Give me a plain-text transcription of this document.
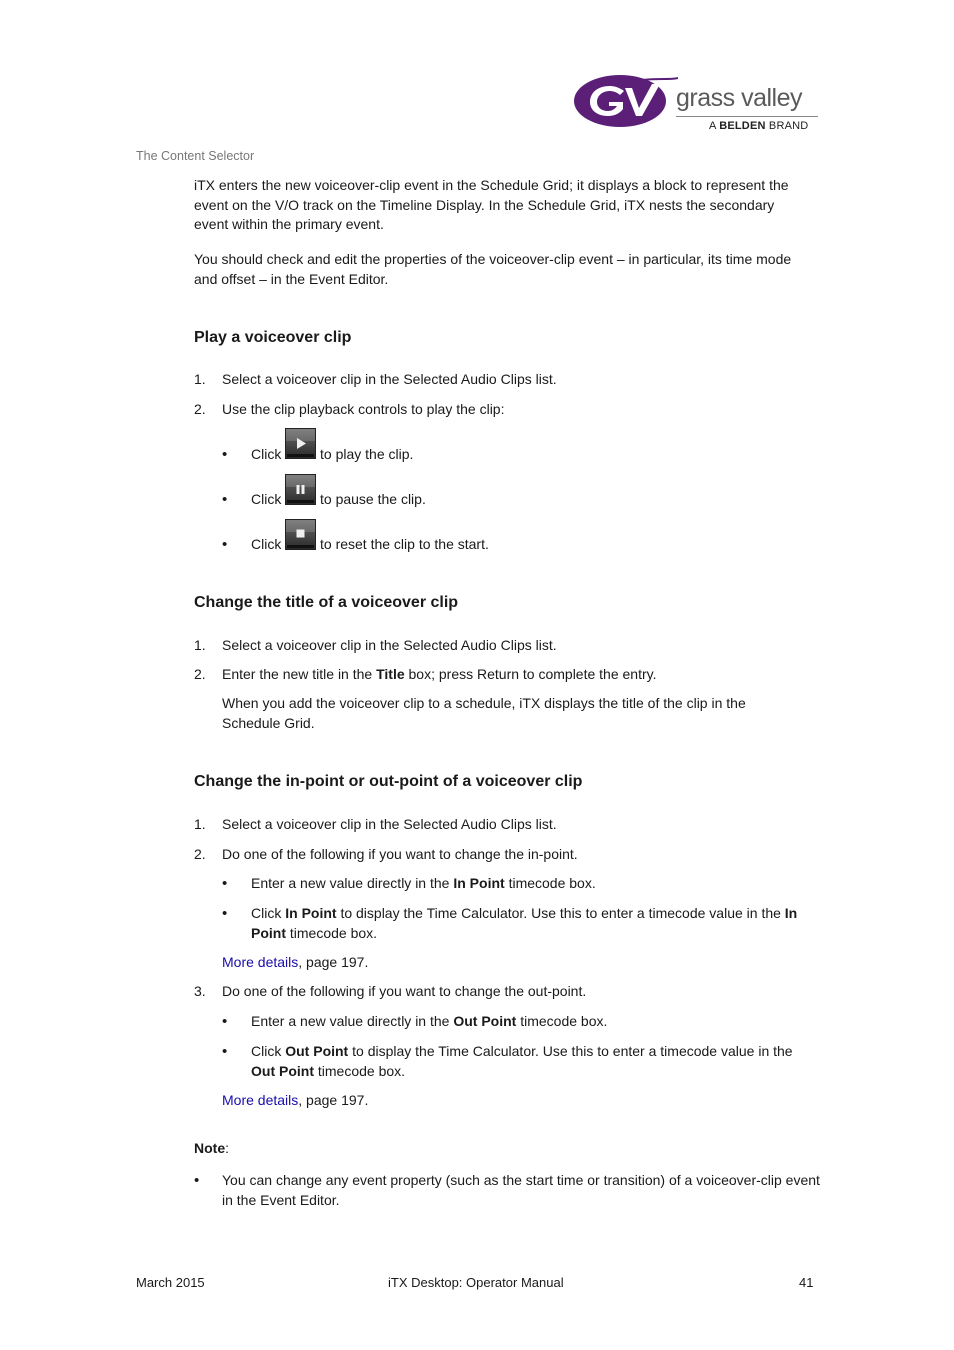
grass valley
A BELDEN BRAND
The Content Selector
iTX enters the new voiceover-clip event in the Schedule Grid; it displays a block to represent the event on the V/O track on the Timeline Display. In the Schedule Grid, iTX nests the secondary event within the primary event.
You should check and edit the properties of the voiceover-clip event – in particular, its time mode and offset – in the Event Editor.
Play a voiceover clip
1. Select a voiceover clip in the Selected Audio Clips list.
2. Use the clip playback controls to play the clip:
• Click	to play the clip.
• Click	to pause the clip.
• Click	to reset the clip to the start.
Change the title of a voiceover clip
1. Select a voiceover clip in the Selected Audio Clips list.
2. Enter the new title in the Title box; press Return to complete the entry.
When you add the voiceover clip to a schedule, iTX displays the title of the clip in the Schedule Grid.
Change the in-point or out-point of a voiceover clip
1. Select a voiceover clip in the Selected Audio Clips list.
2. Do one of the following if you want to change the in-point.
• Enter a new value directly in the In Point timecode box.
• Click In Point to display the Time Calculator. Use this to enter a timecode value in the In Point timecode box.
More details, page 197.
3. Do one of the following if you want to change the out-point.
• Enter a new value directly in the Out Point timecode box.
• Click Out Point to display the Time Calculator. Use this to enter a timecode value in the Out Point timecode box.
More details, page 197.
Note:
• You can change any event property (such as the start time or transition) of a voiceover-clip event in the Event Editor.
March 2015	iTX Desktop: Operator Manual	41
